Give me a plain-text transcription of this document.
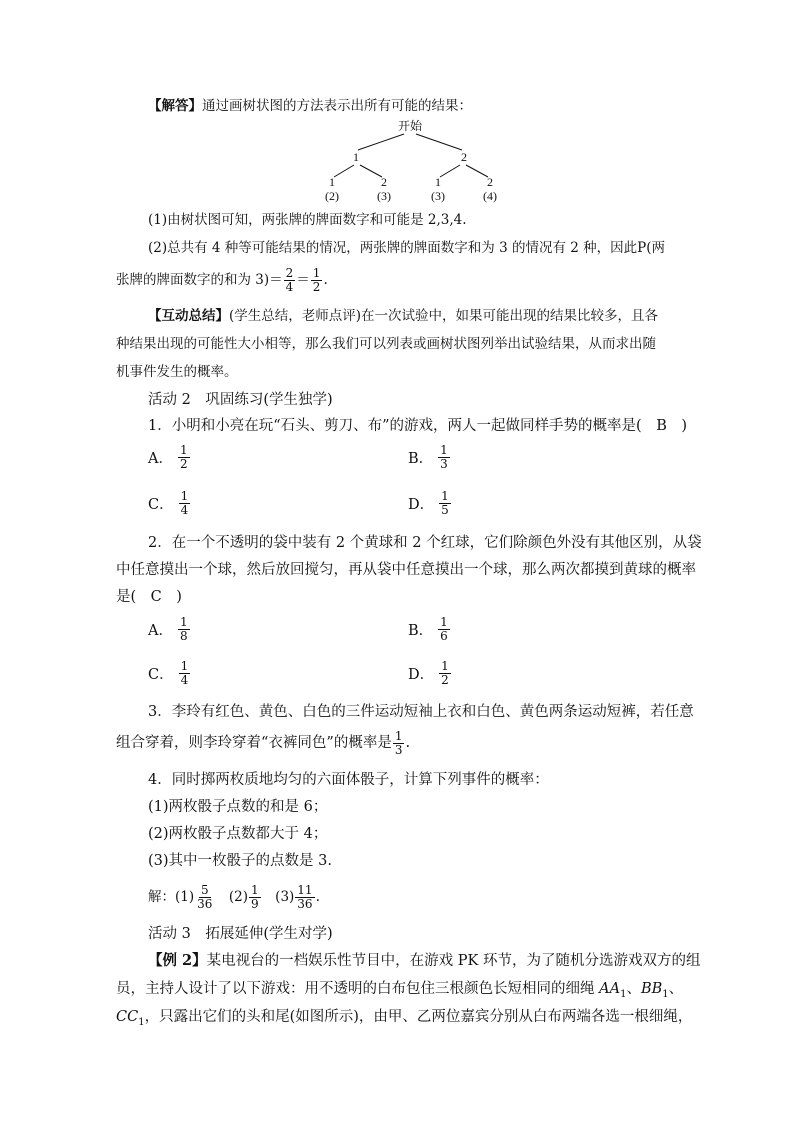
【解答】通过画树状图的方法表示出所有可能的结果：
开始
1	2
1	2	1	2
(2)	(3)	(3)	(4)
(1)由树状图可知，两张牌的牌面数字和可能是 2,3,4.
(2)总共有 4 种等可能结果的情况，两张牌的牌面数字和为 3 的情况有 2 种，因此P(两
张牌的牌面数字的和为 $3)= \frac{2}{4} = \frac{1}{2}$ .
【互动总结】(学生总结，老师点评)在一次试验中，如果可能出现的结果比较多，且各
种结果出现的可能性大小相等，那么我们可以列表或画树状图列举出试验结果，从而求出随
机事件发生的概率。
活动 2　巩固练习(学生独学)
1．小明和小亮在玩“石头、剪刀、布”的游戏，两人一起做同样手势的概率是(　B　)
A． $\frac{1}{2}$	B． $\frac{1}{3}$
C． $\frac{1}{4}$	D． $\frac{1}{5}$
2．在一个不透明的袋中装有 2 个黄球和 2 个红球，它们除颜色外没有其他区别，从袋
中任意摸出一个球，然后放回搅匀，再从袋中任意摸出一个球，那么两次都摸到黄球的概率
是(　C　)
A． $\frac{1}{8}$	B． $\frac{1}{6}$
C． $\frac{1}{4}$	D． $\frac{1}{2}$
3．李玲有红色、黄色、白色的三件运动短袖上衣和白色、黄色两条运动短裤，若任意
组合穿着，则李玲穿着“衣裤同色”的概率是 $\frac{1}{3}$ .
4．同时掷两枚质地均匀的六面体骰子，计算下列事件的概率：
(1)两枚骰子点数的和是 6；
(2)两枚骰子点数都大于 4；
(3)其中一枚骰子的点数是 3.
解：$(1) \frac{5}{36}$
　 $(2) \frac{1}{9}$
　 $(3) \frac{11}{36}$ .
活动 3　拓展延伸(学生对学)
【例 2】某电视台的一档娱乐性节目中，在游戏 PK 环节，为了随机分选游戏双方的组
员，主持人设计了以下游戏：用不透明的白布包住三根颜色长短相同的细绳 $AA_1$、$BB_1$、
$CC_1$，只露出它们的头和尾(如图所示)，由甲、乙两位嘉宾分别从白布两端各选一根细绳，
